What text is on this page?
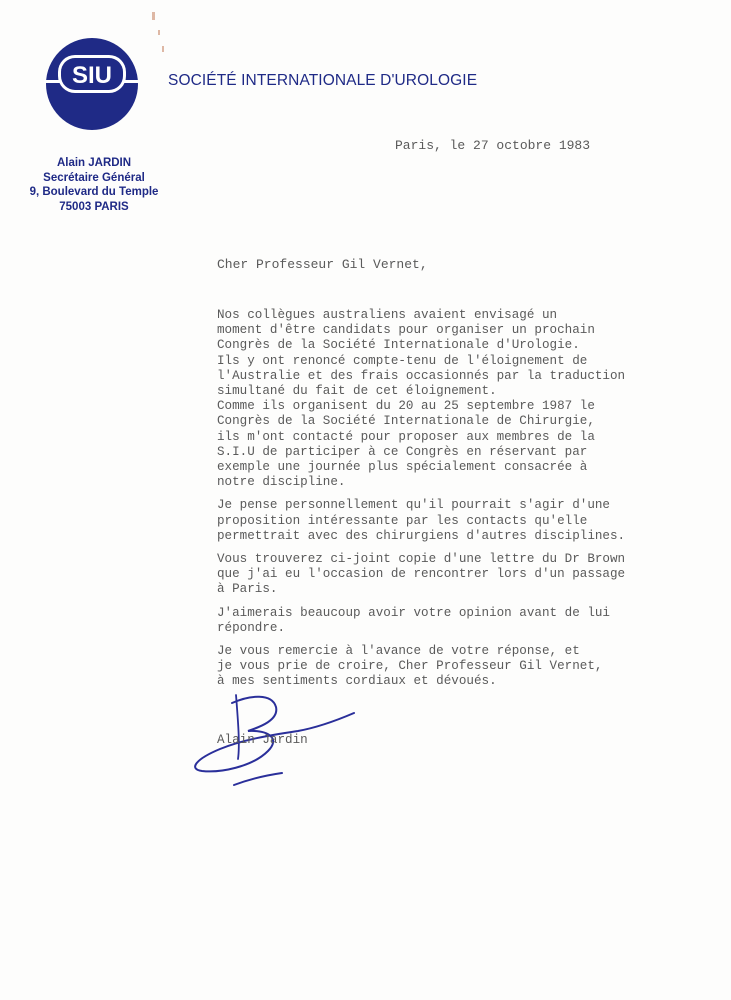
SIU	SOCIÉTÉ INTERNATIONALE D'UROLOGIE
Alain JARDIN
Secrétaire Général
9, Boulevard du Temple
75003 PARIS
Paris, le 27 octobre 1983
Cher Professeur Gil Vernet,
Nos collègues australiens avaient envisagé un
moment d'être candidats pour organiser un prochain
Congrès de la Société Internationale d'Urologie.
Ils y ont renoncé compte-tenu de l'éloignement de
l'Australie et des frais occasionnés par la traduction
simultané du fait de cet éloignement.
Comme ils organisent du 20 au 25 septembre 1987 le
Congrès de la Société Internationale de Chirurgie,
ils m'ont contacté pour proposer aux membres de la
S.I.U de participer à ce Congrès en réservant par
exemple une journée plus spécialement consacrée à
notre discipline.
Je pense personnellement qu'il pourrait s'agir d'une
proposition intéressante par les contacts qu'elle
permettrait avec des chirurgiens d'autres disciplines.
Vous trouverez ci-joint copie d'une lettre du Dr Brown
que j'ai eu l'occasion de rencontrer lors d'un passage
à Paris.
J'aimerais beaucoup avoir votre opinion avant de lui
répondre.
Je vous remercie à l'avance de votre réponse, et
je vous prie de croire, Cher Professeur Gil Vernet,
à mes sentiments cordiaux et dévoués.
Alain Jardin
